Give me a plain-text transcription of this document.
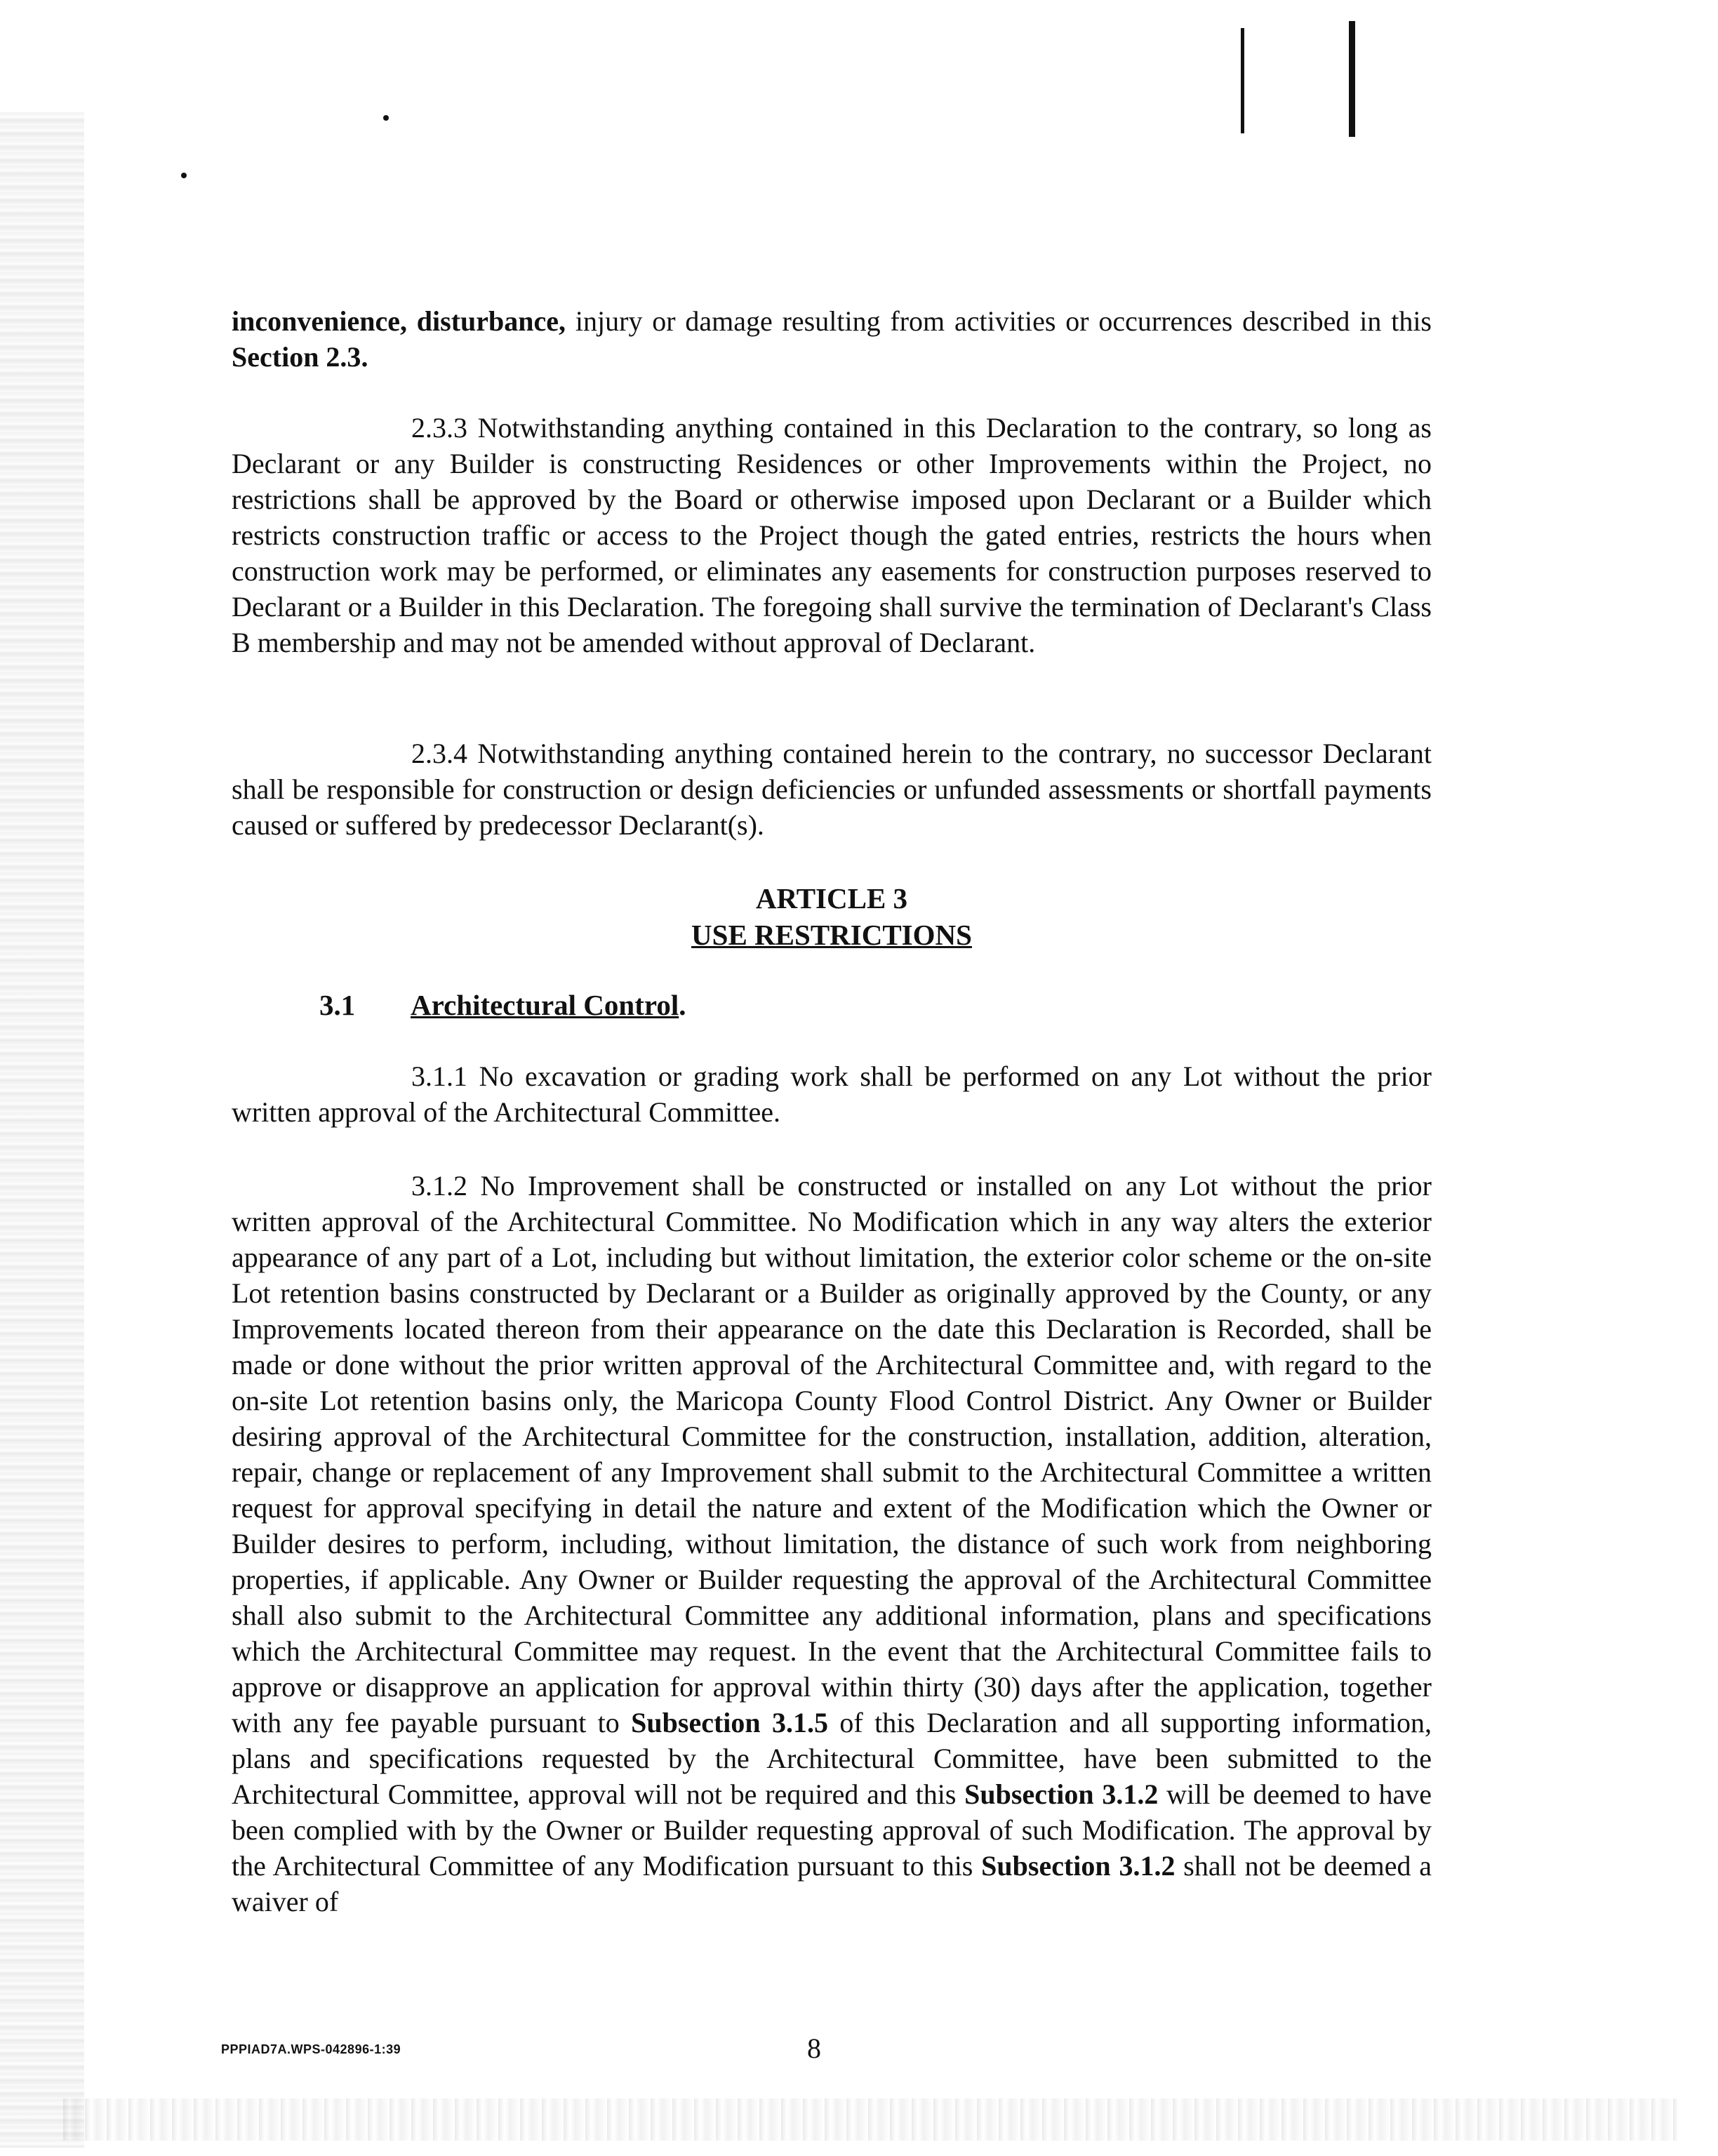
inconvenience, disturbance, injury or damage resulting from activities or occurrences described in this Section 2.3.

2.3.3 Notwithstanding anything contained in this Declaration to the contrary, so long as Declarant or any Builder is constructing Residences or other Improvements within the Project, no restrictions shall be approved by the Board or otherwise imposed upon Declarant or a Builder which restricts construction traffic or access to the Project though the gated entries, restricts the hours when construction work may be performed, or eliminates any easements for construction purposes reserved to Declarant or a Builder in this Declaration. The foregoing shall survive the termination of Declarant's Class B membership and may not be amended without approval of Declarant.

2.3.4 Notwithstanding anything contained herein to the contrary, no successor Declarant shall be responsible for construction or design deficiencies or unfunded assessments or shortfall payments caused or suffered by predecessor Declarant(s).

ARTICLE 3
USE RESTRICTIONS
3.1 Architectural Control.

3.1.1 No excavation or grading work shall be performed on any Lot without the prior written approval of the Architectural Committee.

3.1.2 No Improvement shall be constructed or installed on any Lot without the prior written approval of the Architectural Committee. No Modification which in any way alters the exterior appearance of any part of a Lot, including but without limitation, the exterior color scheme or the on-site Lot retention basins constructed by Declarant or a Builder as originally approved by the County, or any Improvements located thereon from their appearance on the date this Declaration is Recorded, shall be made or done without the prior written approval of the Architectural Committee and, with regard to the on-site Lot retention basins only, the Maricopa County Flood Control District. Any Owner or Builder desiring approval of the Architectural Committee for the construction, installation, addition, alteration, repair, change or replacement of any Improvement shall submit to the Architectural Committee a written request for approval specifying in detail the nature and extent of the Modification which the Owner or Builder desires to perform, including, without limitation, the distance of such work from neighboring properties, if applicable. Any Owner or Builder requesting the approval of the Architectural Committee shall also submit to the Architectural Committee any additional information, plans and specifications which the Architectural Committee may request. In the event that the Architectural Committee fails to approve or disapprove an application for approval within thirty (30) days after the application, together with any fee payable pursuant to Subsection 3.1.5 of this Declaration and all supporting information, plans and specifications requested by the Architectural Committee, have been submitted to the Architectural Committee, approval will not be required and this Subsection 3.1.2 will be deemed to have been complied with by the Owner or Builder requesting approval of such Modification. The approval by the Architectural Committee of any Modification pursuant to this Subsection 3.1.2 shall not be deemed a waiver of

PPPIAD7A.WPS-042896-1:39	8
